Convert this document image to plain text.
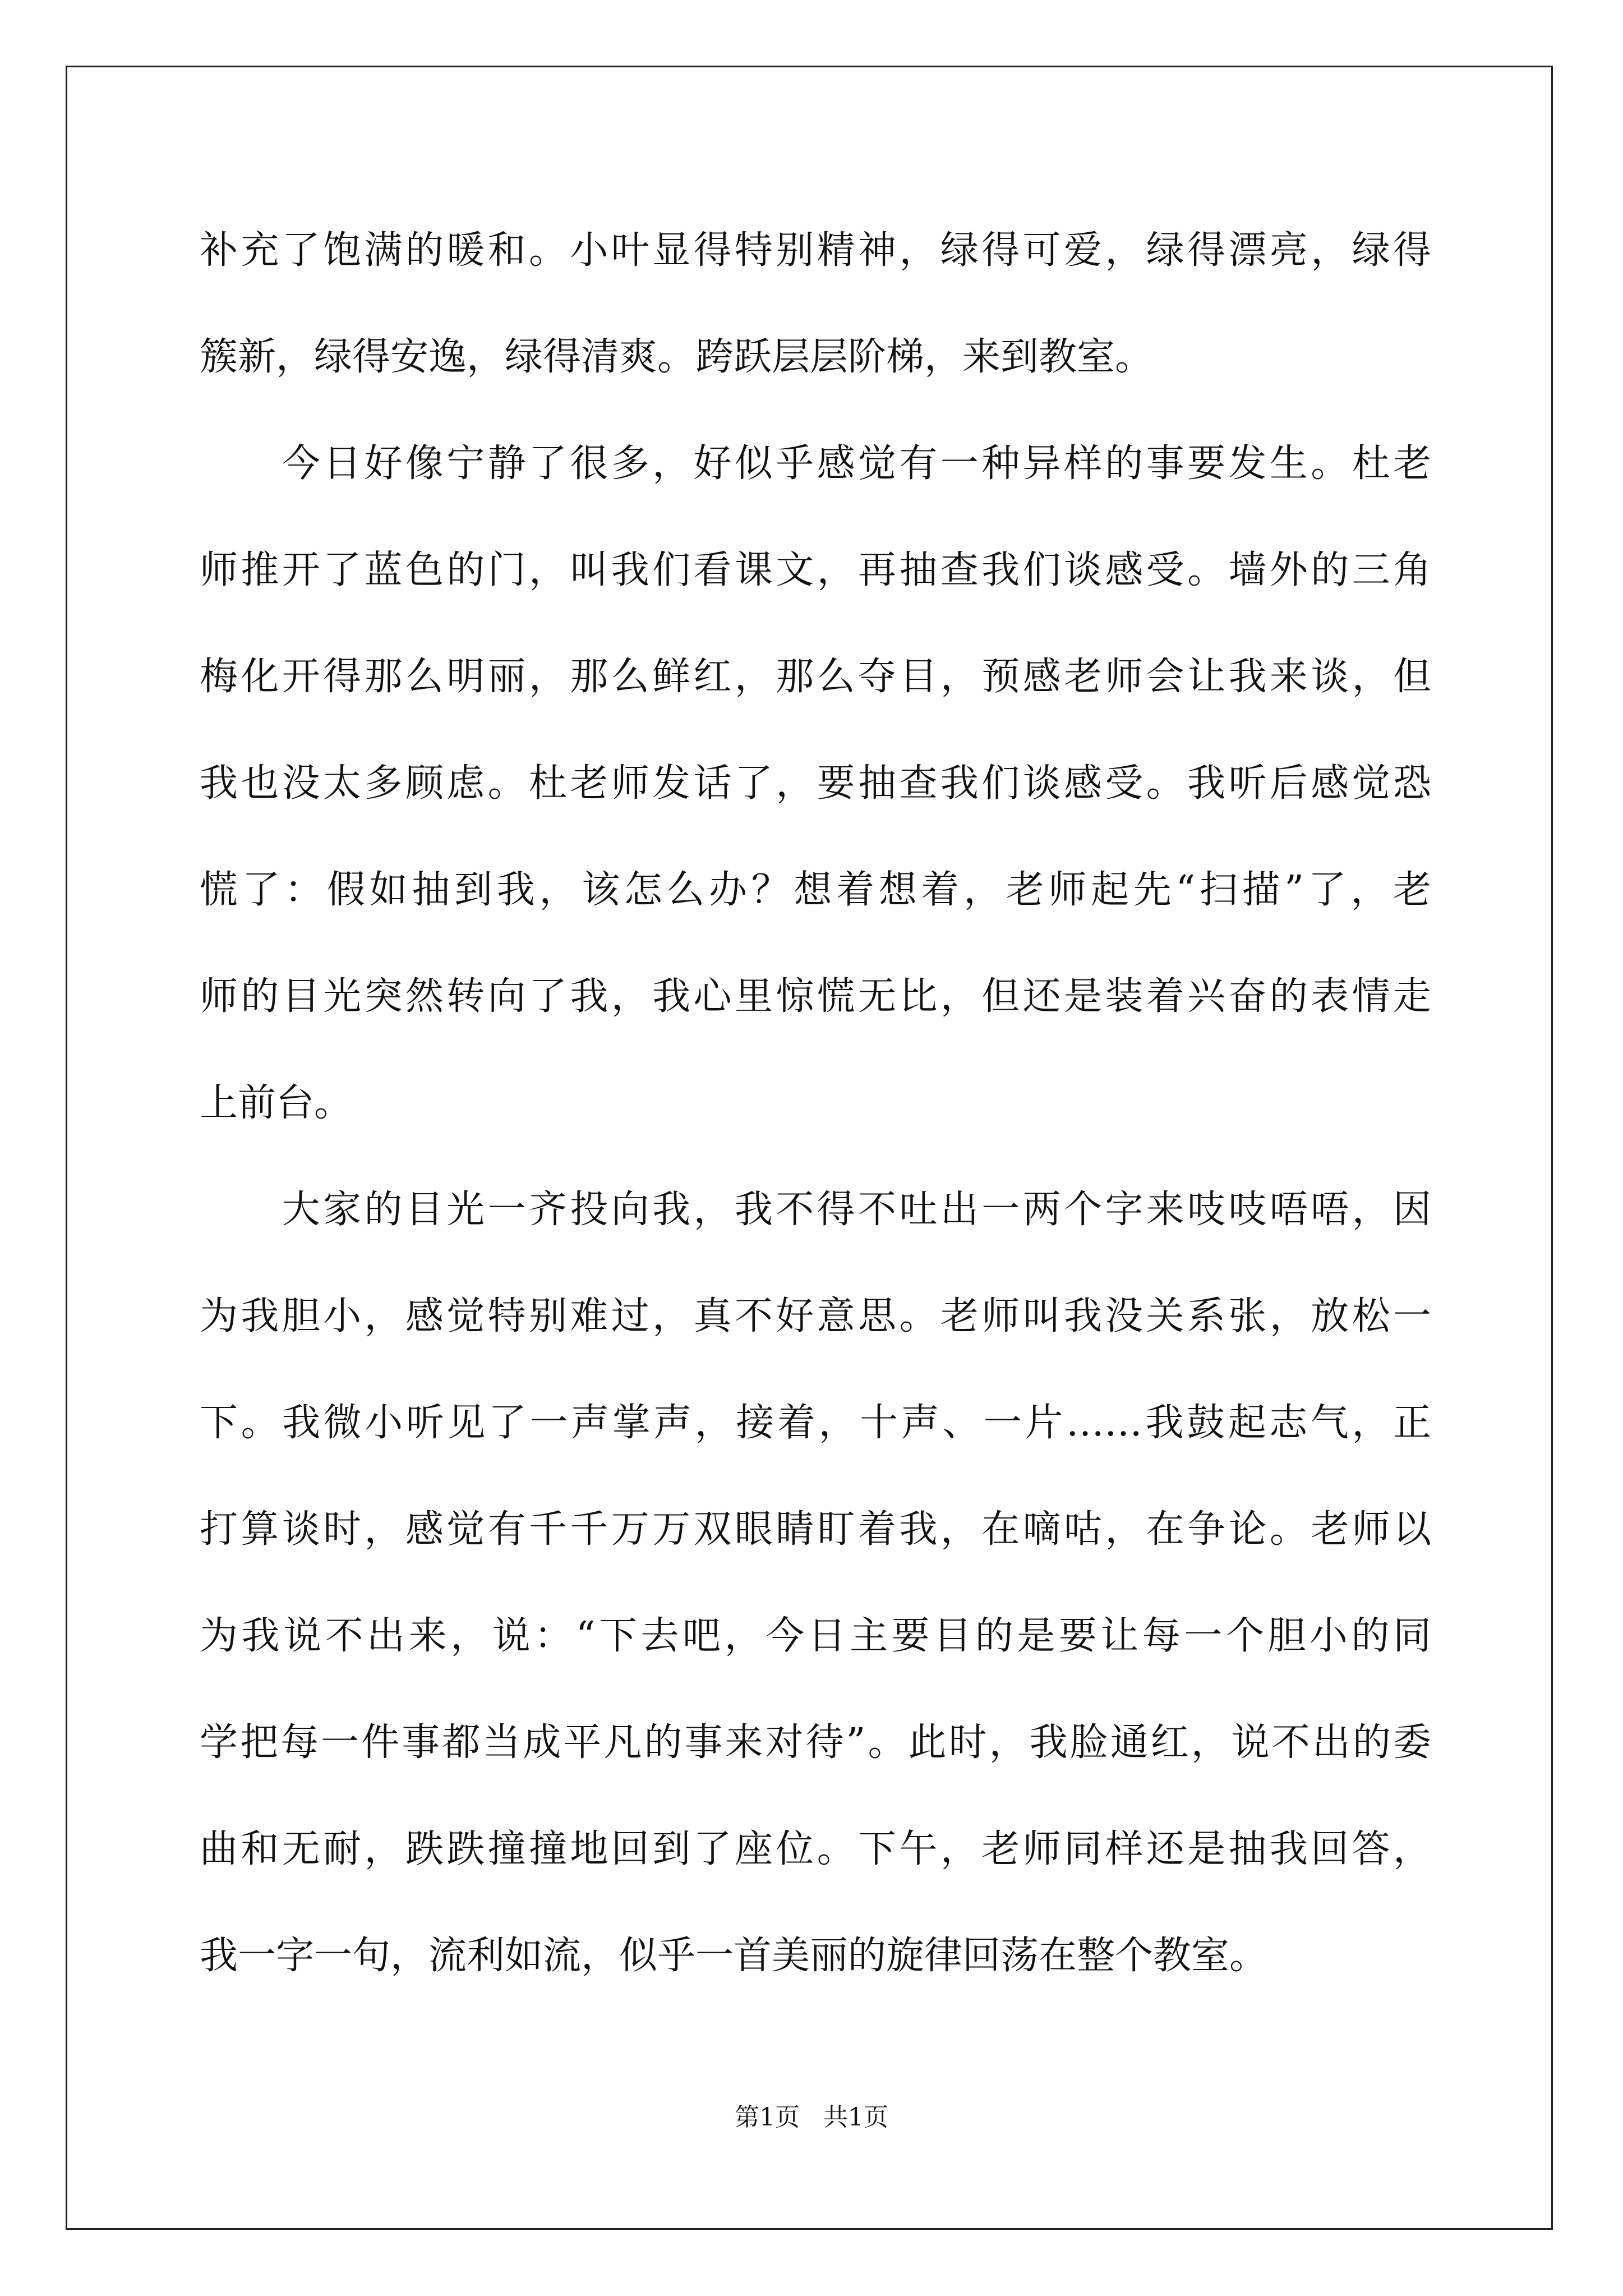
补充了饱满的暖和。小叶显得特别精神，绿得可爱，绿得漂亮，绿得
簇新，绿得安逸，绿得清爽。跨跃层层阶梯，来到教室。
　　今日好像宁静了很多，好似乎感觉有一种异样的事要发生。杜老
师推开了蓝色的门，叫我们看课文，再抽查我们谈感受。墙外的三角
梅化开得那么明丽，那么鲜红，那么夺目，预感老师会让我来谈，但
我也没太多顾虑。杜老师发话了，要抽查我们谈感受。我听后感觉恐
慌了：假如抽到我，该怎么办？想着想着，老师起先“扫描”了，老
师的目光突然转向了我，我心里惊慌无比，但还是装着兴奋的表情走
上前台。
　　大家的目光一齐投向我，我不得不吐出一两个字来吱吱唔唔，因
为我胆小，感觉特别难过，真不好意思。老师叫我没关系张，放松一
下。我微小听见了一声掌声，接着，十声、一片……我鼓起志气，正
打算谈时，感觉有千千万万双眼睛盯着我，在嘀咕，在争论。老师以
为我说不出来，说：“下去吧，今日主要目的是要让每一个胆小的同
学把每一件事都当成平凡的事来对待”。此时，我脸通红，说不出的委
曲和无耐，跌跌撞撞地回到了座位。下午，老师同样还是抽我回答，
我一字一句，流利如流，似乎一首美丽的旋律回荡在整个教室。
第1页   共1页
